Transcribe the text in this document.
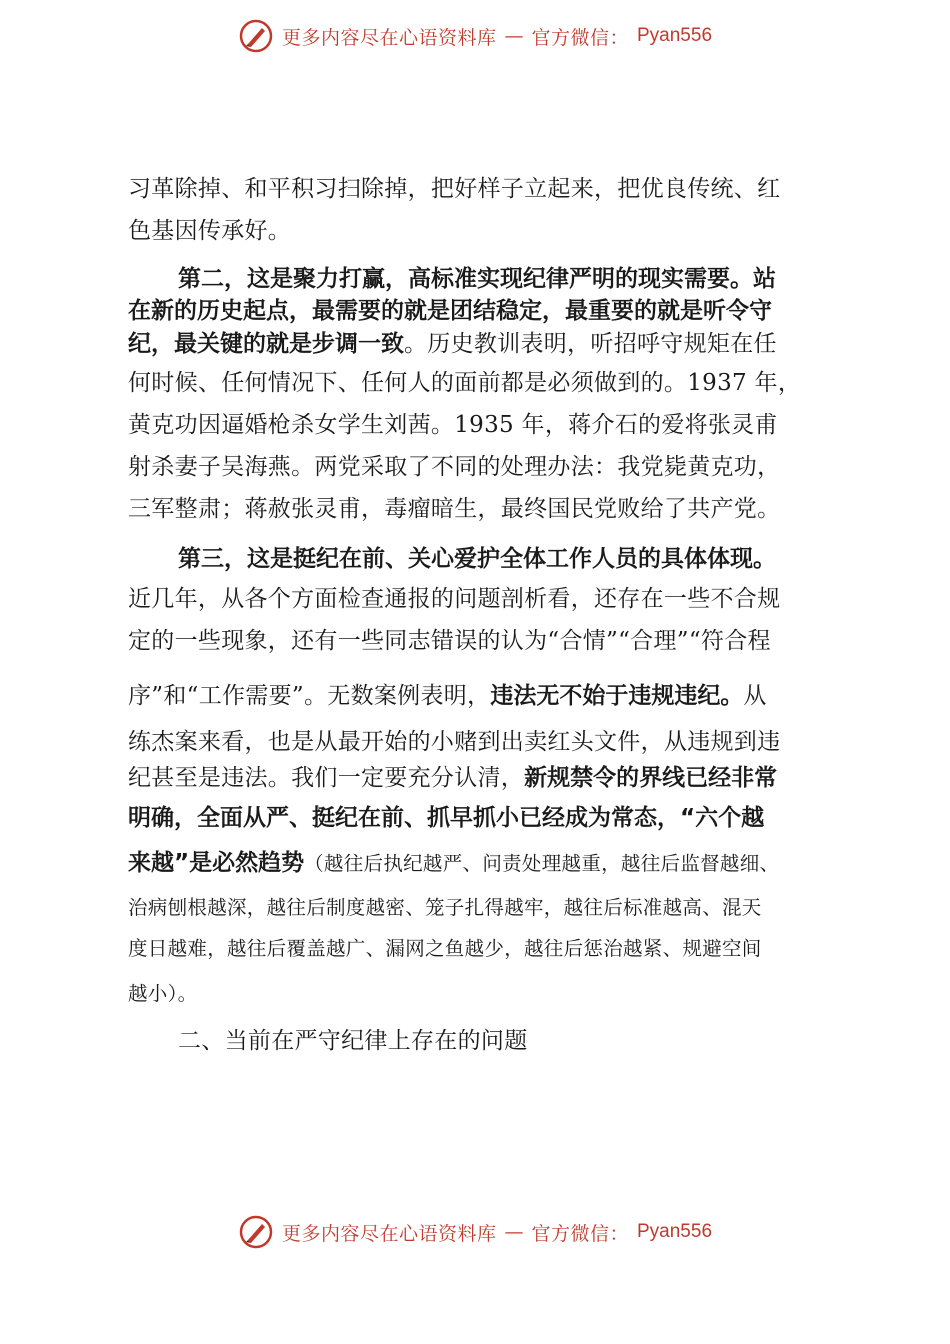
更多内容尽在心语资料库 — 官方微信： Pyan556
习革除掉、和平积习扫除掉，把好样子立起来，把优良传统、红
色基因传承好。
第二，这是聚力打赢，高标准实现纪律严明的现实需要。站
在新的历史起点，最需要的就是团结稳定，最重要的就是听令守
纪，最关键的就是步调一致。历史教训表明，听招呼守规矩在任
何时候、任何情况下、任何人的面前都是必须做到的。1937 年，
黄克功因逼婚枪杀女学生刘茜。1935 年，蒋介石的爱将张灵甫
射杀妻子吴海燕。两党采取了不同的处理办法：我党毙黄克功，
三军整肃；蒋赦张灵甫，毒瘤暗生，最终国民党败给了共产党。
第三，这是挺纪在前、关心爱护全体工作人员的具体体现。
近几年，从各个方面检查通报的问题剖析看，还存在一些不合规
定的一些现象，还有一些同志错误的认为“合情”“合理”“符合程
序”和“工作需要”。无数案例表明，违法无不始于违规违纪。从
练杰案来看，也是从最开始的小赌到出卖红头文件，从违规到违
纪甚至是违法。我们一定要充分认清，新规禁令的界线已经非常
明确，全面从严、挺纪在前、抓早抓小已经成为常态，“六个越
来越”是必然趋势（越往后执纪越严、问责处理越重，越往后监督越细、
治病刨根越深，越往后制度越密、笼子扎得越牢，越往后标准越高、混天
度日越难，越往后覆盖越广、漏网之鱼越少，越往后惩治越紧、规避空间
越小）。
二、当前在严守纪律上存在的问题
更多内容尽在心语资料库 — 官方微信： Pyan556
